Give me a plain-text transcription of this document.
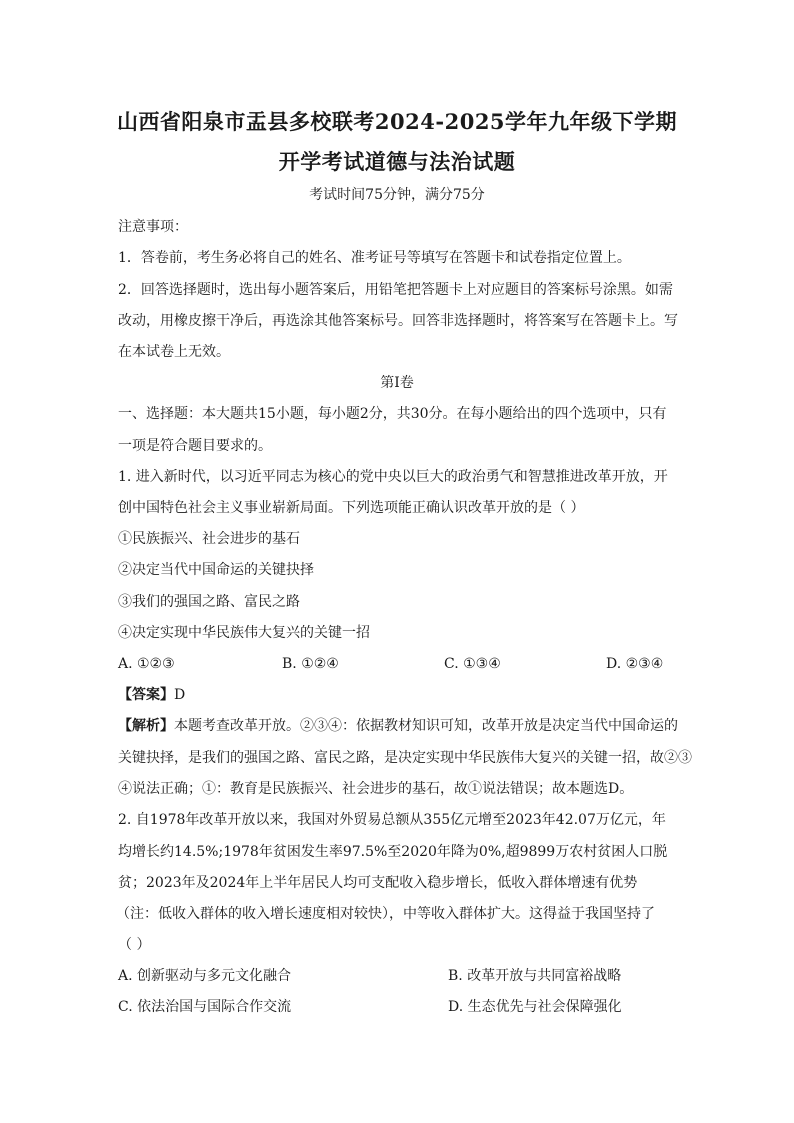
山西省阳泉市盂县多校联考2024-2025学年九年级下学期
开学考试道德与法治试题
考试时间75分钟，满分75分
注意事项：
1．答卷前，考生务必将自己的姓名、准考证号等填写在答题卡和试卷指定位置上。
2．回答选择题时，选出每小题答案后，用铅笔把答题卡上对应题目的答案标号涂黑。如需
改动，用橡皮擦干净后，再选涂其他答案标号。回答非选择题时，将答案写在答题卡上。写
在本试卷上无效。
第Ⅰ卷
一、选择题：本大题共15小题，每小题2分，共30分。在每小题给出的四个选项中，只有
一项是符合题目要求的。
1. 进入新时代，以习近平同志为核心的党中央以巨大的政治勇气和智慧推进改革开放，开
创中国特色社会主义事业崭新局面。下列选项能正确认识改革开放的是（ ）
①民族振兴、社会进步的基石
②决定当代中国命运的关键抉择
③我们的强国之路、富民之路
④决定实现中华民族伟大复兴的关键一招
A. ①②③	B. ①②④	C. ①③④	D. ②③④
【答案】D
【解析】本题考查改革开放。②③④：依据教材知识可知，改革开放是决定当代中国命运的
关键抉择，是我们的强国之路、富民之路，是决定实现中华民族伟大复兴的关键一招，故②③
④说法正确；①：教育是民族振兴、社会进步的基石，故①说法错误；故本题选D。
2. 自1978年改革开放以来，我国对外贸易总额从355亿元增至2023年42.07万亿元，年
均增长约14.5%;1978年贫困发生率97.5%至2020年降为0%,超9899万农村贫困人口脱
贫；2023年及2024年上半年居民人均可支配收入稳步增长，低收入群体增速有优势
（注：低收入群体的收入增长速度相对较快），中等收入群体扩大。这得益于我国坚持了
（ ）
A. 创新驱动与多元文化融合	B. 改革开放与共同富裕战略
C. 依法治国与国际合作交流	D. 生态优先与社会保障强化
